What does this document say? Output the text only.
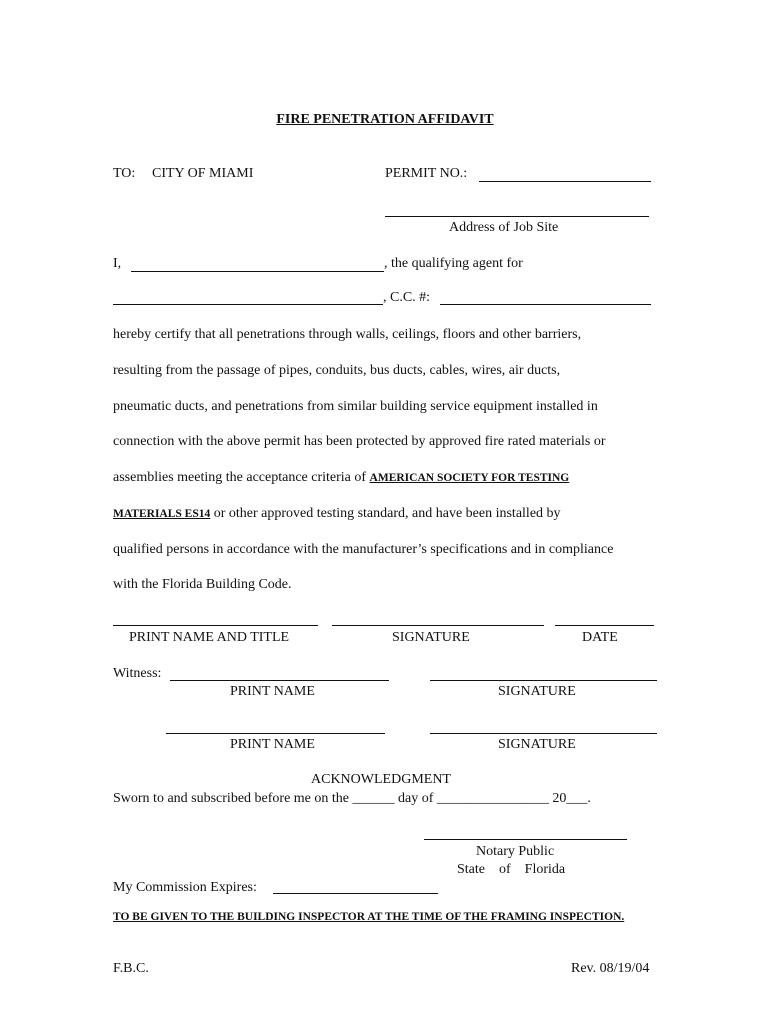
FIRE PENETRATION AFFIDAVIT
TO: CITY OF MIAMI	PERMIT NO.:
Address of Job Site
I,	, the qualifying agent for
, C.C. #:
hereby certify that all penetrations through walls, ceilings, floors and other barriers,
resulting from the passage of pipes, conduits, bus ducts, cables, wires, air ducts,
pneumatic ducts, and penetrations from similar building service equipment installed in
connection with the above permit has been protected by approved fire rated materials or
assemblies meeting the acceptance criteria of AMERICAN SOCIETY FOR TESTING
MATERIALS ES14 or other approved testing standard, and have been installed by
qualified persons in accordance with the manufacturer’s specifications and in compliance
with the Florida Building Code.
PRINT NAME AND TITLE	SIGNATURE	DATE
Witness:
PRINT NAME	SIGNATURE
PRINT NAME	SIGNATURE
ACKNOWLEDGMENT
Sworn to and subscribed before me on the ______ day of ________________ 20___.
Notary Public
State    of    Florida
My Commission Expires:
TO BE GIVEN TO THE BUILDING INSPECTOR AT THE TIME OF THE FRAMING INSPECTION.
F.B.C.	Rev. 08/19/04
